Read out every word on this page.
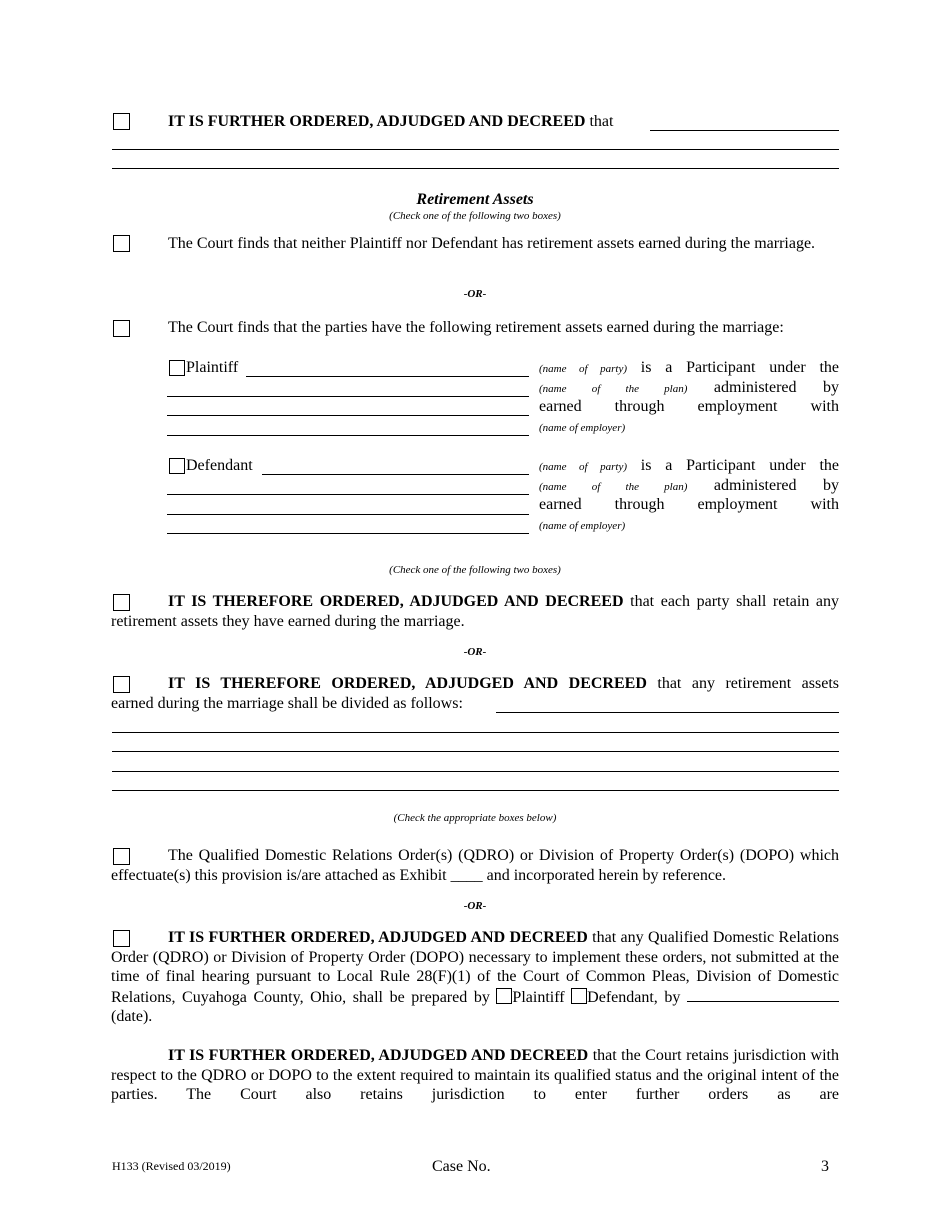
IT IS FURTHER ORDERED, ADJUDGED AND DECREED that
Retirement Assets
(Check one of the following two boxes)
The Court finds that neither Plaintiff nor Defendant has retirement assets earned during the marriage.
-OR-
The Court finds that the parties have the following retirement assets earned during the marriage:
Plaintiff	(name of party) is a Participant under the
(name of the plan) administered by
earned through employment with
(name of employer)
Defendant	(name of party) is a Participant under the
(name of the plan) administered by
earned through employment with
(name of employer)
(Check one of the following two boxes)
IT IS THEREFORE ORDERED, ADJUDGED AND DECREED that each party shall retain any retirement assets they have earned during the marriage.
-OR-
IT IS THEREFORE ORDERED, ADJUDGED AND DECREED that any retirement assets
earned during the marriage shall be divided as follows:
(Check the appropriate boxes below)
The Qualified Domestic Relations Order(s) (QDRO) or Division of Property Order(s) (DOPO) which effectuate(s) this provision is/are attached as Exhibit ____ and incorporated herein by reference.
-OR-
IT IS FURTHER ORDERED, ADJUDGED AND DECREED that any Qualified Domestic Relations Order (QDRO) or Division of Property Order (DOPO) necessary to implement these orders, not submitted at the time of final hearing pursuant to Local Rule 28(F)(1) of the Court of Common Pleas, Division of Domestic Relations, Cuyahoga County, Ohio, shall be prepared by Plaintiff Defendant, by  (date).
IT IS FURTHER ORDERED, ADJUDGED AND DECREED that the Court retains jurisdiction with respect to the QDRO or DOPO to the extent required to maintain its qualified status and the original intent of the parties. The Court also retains jurisdiction to enter further orders as are
H133 (Revised 03/2019)	Case No.	3
